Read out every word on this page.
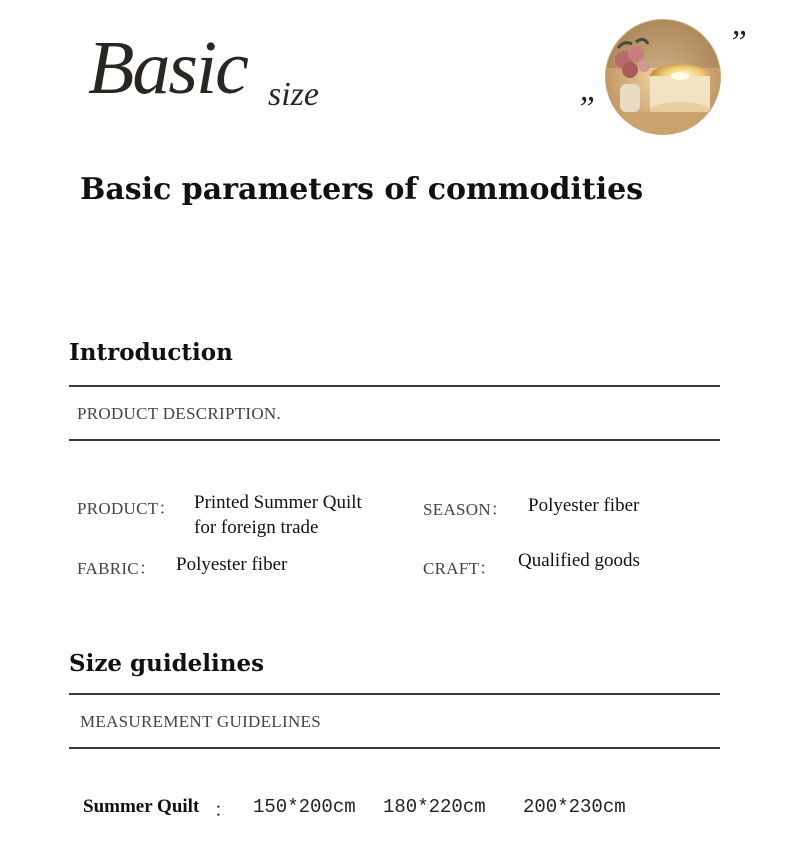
Basic size	”
”
Basic parameters of commodities
Introduction
PRODUCT DESCRIPTION.
PRODUCT： Printed Summer Quilt
for foreign trade
SEASON： Polyester fiber
FABRIC： Polyester fiber	CRAFT： Qualified goods
Size guidelines
MEASUREMENT GUIDELINES
Summer Quilt ： 150*200cm 180*220cm 200*230cm
